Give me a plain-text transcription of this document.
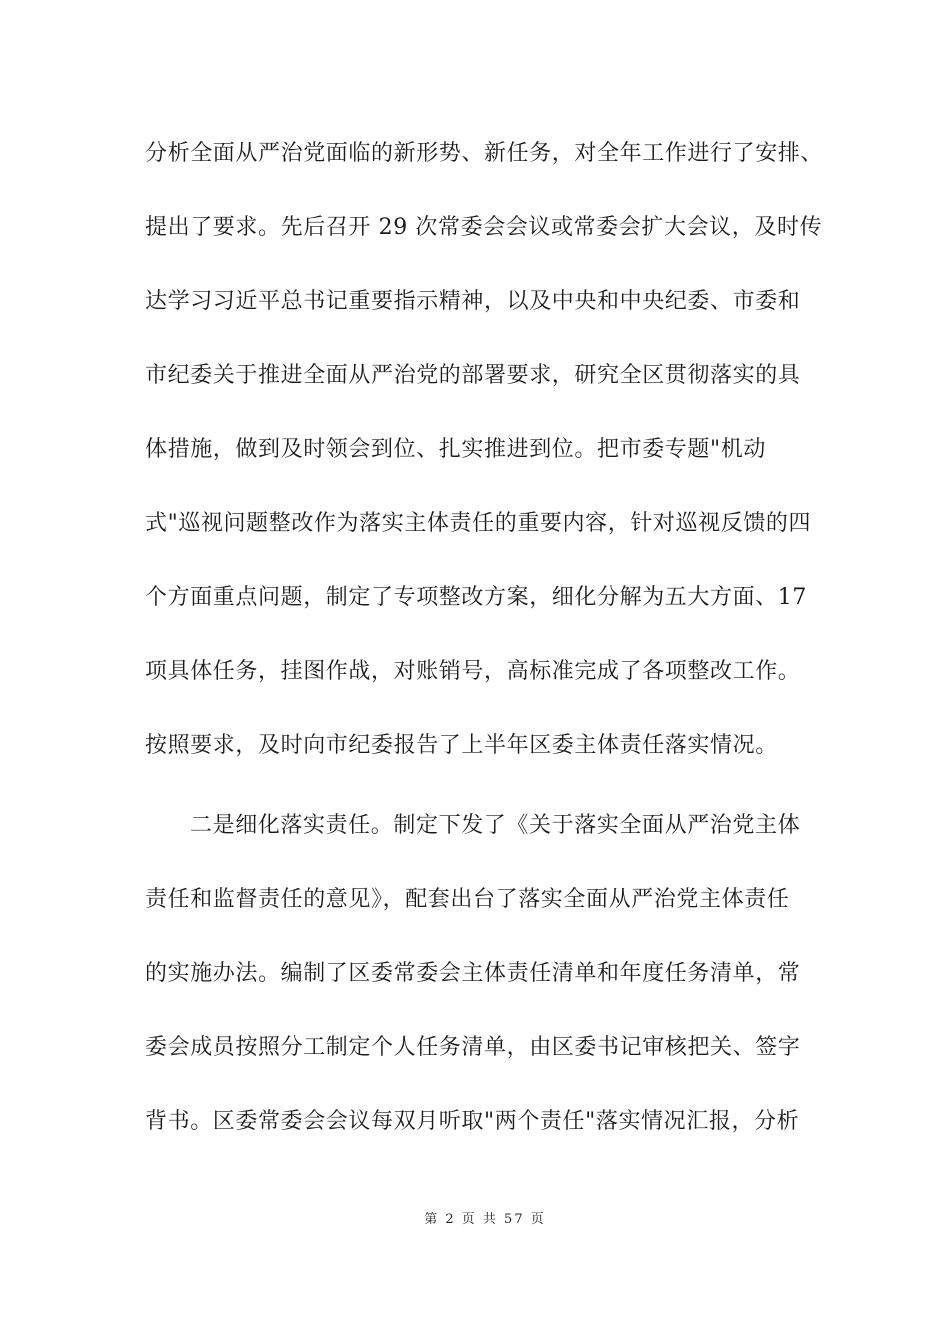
分析全面从严治党面临的新形势、新任务，对全年工作进行了安排、
提出了要求。先后召开 29 次常委会会议或常委会扩大会议，及时传
达学习习近平总书记重要指示精神，以及中央和中央纪委、市委和
市纪委关于推进全面从严治党的部署要求，研究全区贯彻落实的具
体措施，做到及时领会到位、扎实推进到位。把市委专题"机动
式"巡视问题整改作为落实主体责任的重要内容，针对巡视反馈的四
个方面重点问题，制定了专项整改方案，细化分解为五大方面、17
项具体任务，挂图作战，对账销号，高标准完成了各项整改工作。
按照要求，及时向市纪委报告了上半年区委主体责任落实情况。
二是细化落实责任。制定下发了《关于落实全面从严治党主体
责任和监督责任的意见》，配套出台了落实全面从严治党主体责任
的实施办法。编制了区委常委会主体责任清单和年度任务清单，常
委会成员按照分工制定个人任务清单，由区委书记审核把关、签字
背书。区委常委会会议每双月听取"两个责任"落实情况汇报，分析
第 2 页 共 57 页
